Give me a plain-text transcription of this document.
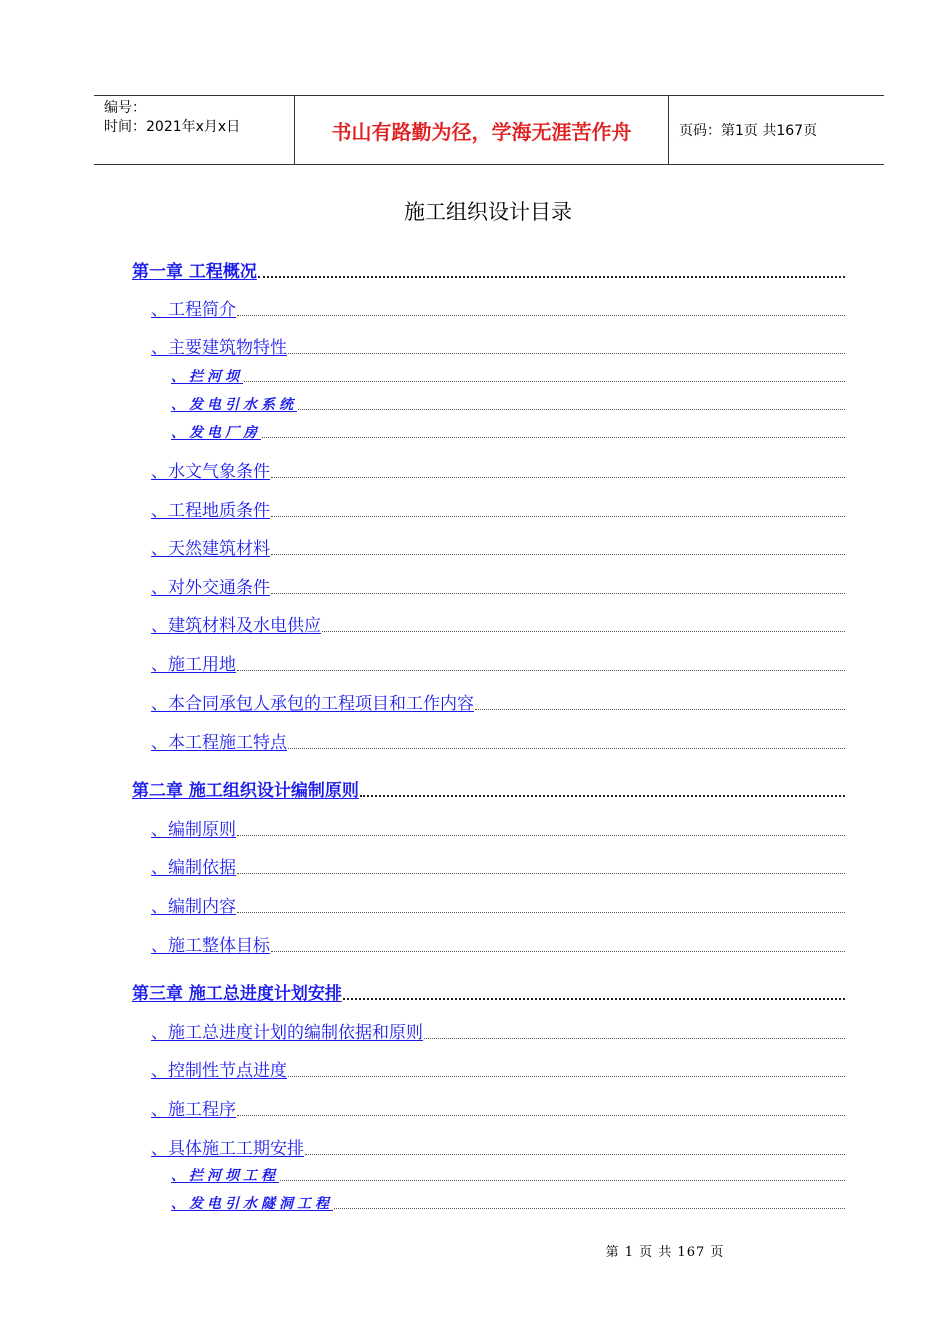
编号：
时间：2021年x月x日	书山有路勤为径，学海无涯苦作舟	页码：第1页 共167页
施工组织设计目录
第一章 工程概况
、工程简介
、主要建筑物特性
、拦河坝
、发电引水系统
、发电厂房
、水文气象条件
、工程地质条件
、天然建筑材料
、对外交通条件
、建筑材料及水电供应
、施工用地
、本合同承包人承包的工程项目和工作内容
、本工程施工特点
第二章 施工组织设计编制原则
、编制原则
、编制依据
、编制内容
、施工整体目标
第三章 施工总进度计划安排
、施工总进度计划的编制依据和原则
、控制性节点进度
、施工程序
、具体施工工期安排
、拦河坝工程
、发电引水隧洞工程
第 1 页 共 167 页
